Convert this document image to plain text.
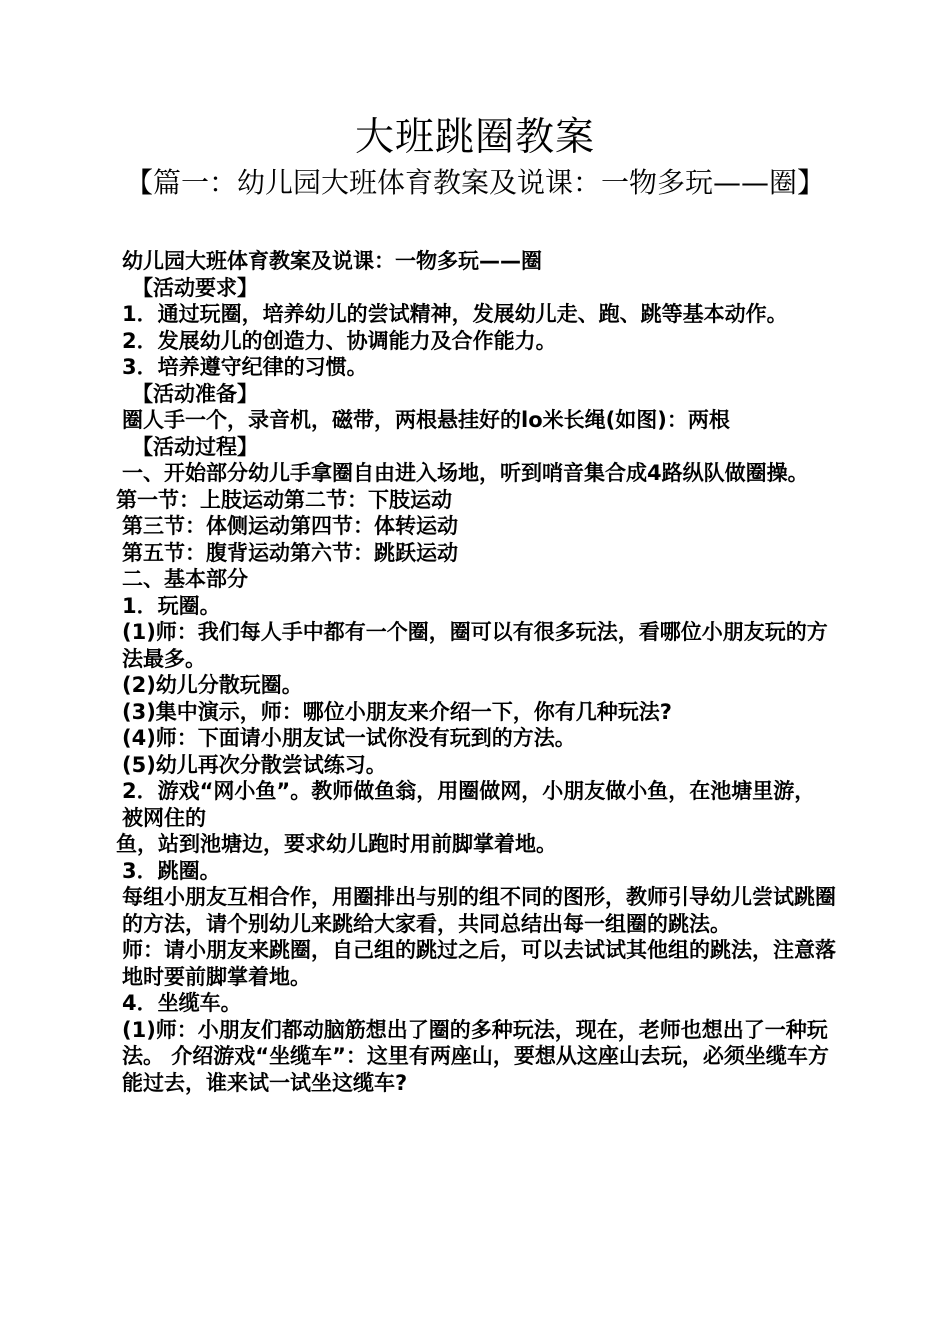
大班跳圈教案
【篇一：幼儿园大班体育教案及说课：一物多玩——圈】

幼儿园大班体育教案及说课：一物多玩——圈

【活动要求】

1．通过玩圈，培养幼儿的尝试精神，发展幼儿走、跑、跳等基本动作。

2．发展幼儿的创造力、协调能力及合作能力。

3．培养遵守纪律的习惯。

【活动准备】

圈人手一个，录音机，磁带，两根悬挂好的lo米长绳(如图)：两根

【活动过程】

一、开始部分幼儿手拿圈自由进入场地，听到哨音集合成4路纵队做圈操。

第一节：上肢运动第二节：下肢运动

第三节：体侧运动第四节：体转运动

第五节：腹背运动第六节：跳跃运动

二、基本部分

1．玩圈。

(1)师：我们每人手中都有一个圈，圈可以有很多玩法，看哪位小朋友玩的方法最多。

(2)幼儿分散玩圈。

(3)集中演示，师：哪位小朋友来介绍一下，你有几种玩法?

(4)师：下面请小朋友试一试你没有玩到的方法。

(5)幼儿再次分散尝试练习。

2．游戏“网小鱼”。教师做鱼翁，用圈做网，小朋友做小鱼，在池塘里游，被网住的

鱼，站到池塘边，要求幼儿跑时用前脚掌着地。

3．跳圈。

每组小朋友互相合作，用圈排出与别的组不同的图形，教师引导幼儿尝试跳圈的方法，请个别幼儿来跳给大家看，共同总结出每一组圈的跳法。

师：请小朋友来跳圈，自己组的跳过之后，可以去试试其他组的跳法，注意落地时要前脚掌着地。

4．坐缆车。

(1)师：小朋友们都动脑筋想出了圈的多种玩法，现在，老师也想出了一种玩法。 介绍游戏“坐缆车”：这里有两座山，要想从这座山去玩，必须坐缆车方能过去，谁来试一试坐这缆车?
